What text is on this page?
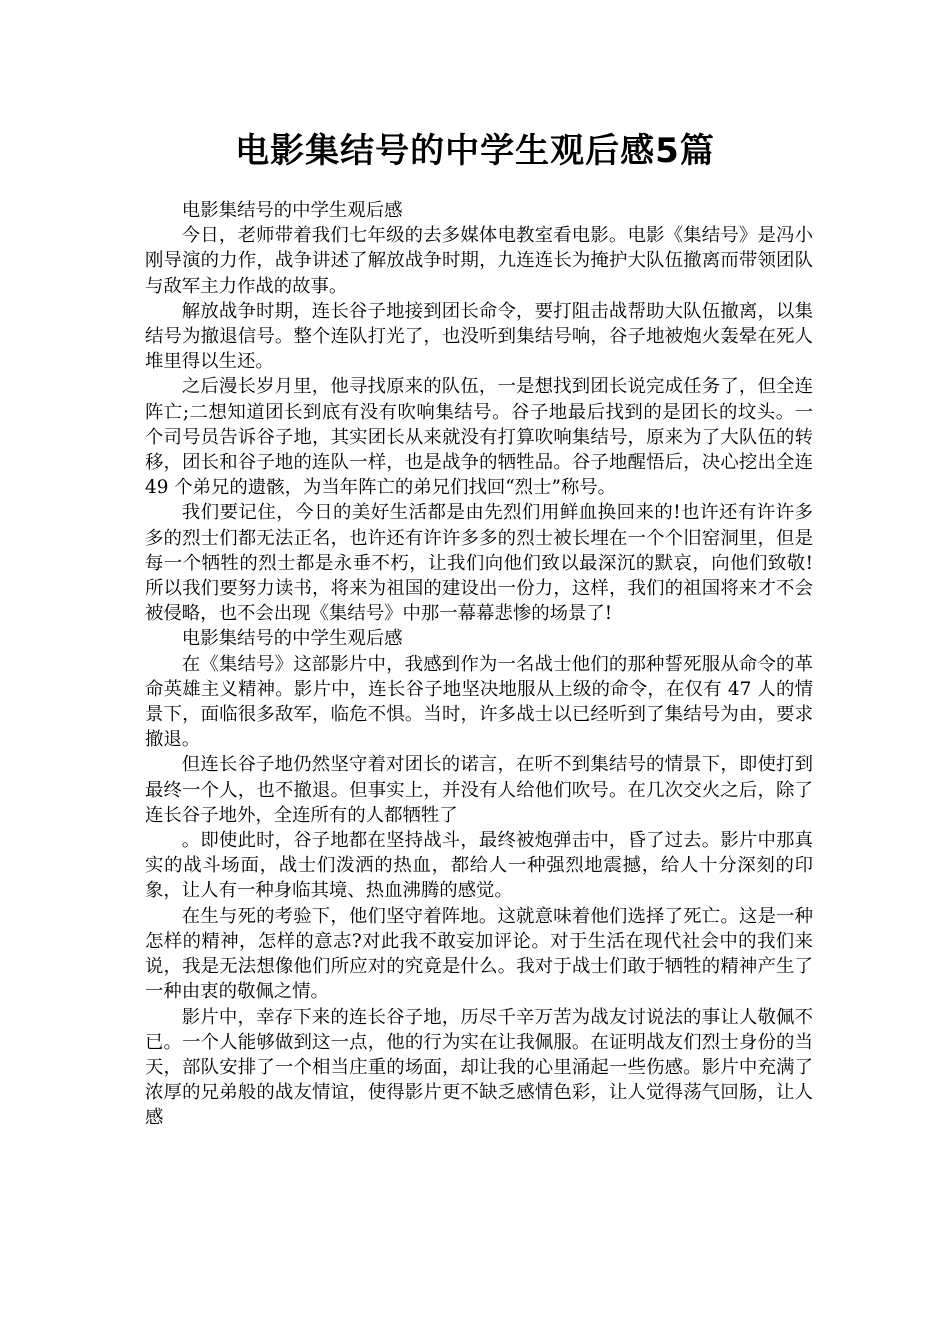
电影集结号的中学生观后感5篇

电影集结号的中学生观后感

今日，老师带着我们七年级的去多媒体电教室看电影。电影《集结号》是冯小刚导演的力作，战争讲述了解放战争时期，九连连长为掩护大队伍撤离而带领团队与敌军主力作战的故事。

解放战争时期，连长谷子地接到团长命令，要打阻击战帮助大队伍撤离，以集结号为撤退信号。整个连队打光了，也没听到集结号响，谷子地被炮火轰晕在死人堆里得以生还。

之后漫长岁月里，他寻找原来的队伍，一是想找到团长说完成任务了，但全连阵亡;二想知道团长到底有没有吹响集结号。谷子地最后找到的是团长的坟头。一个司号员告诉谷子地，其实团长从来就没有打算吹响集结号，原来为了大队伍的转移，团长和谷子地的连队一样，也是战争的牺牲品。谷子地醒悟后，决心挖出全连 49 个弟兄的遗骸，为当年阵亡的弟兄们找回“烈士”称号。

我们要记住，今日的美好生活都是由先烈们用鲜血换回来的!也许还有许许多多的烈士们都无法正名，也许还有许许多多的烈士被长埋在一个个旧窑洞里，但是每一个牺牲的烈士都是永垂不朽，让我们向他们致以最深沉的默哀，向他们致敬!所以我们要努力读书，将来为祖国的建设出一份力，这样，我们的祖国将来才不会被侵略，也不会出现《集结号》中那一幕幕悲惨的场景了!

电影集结号的中学生观后感

在《集结号》这部影片中，我感到作为一名战士他们的那种誓死服从命令的革命英雄主义精神。影片中，连长谷子地坚决地服从上级的命令，在仅有 47 人的情景下，面临很多敌军，临危不惧。当时，许多战士以已经听到了集结号为由，要求撤退。

但连长谷子地仍然坚守着对团长的诺言，在听不到集结号的情景下，即使打到最终一个人，也不撤退。但事实上，并没有人给他们吹号。在几次交火之后，除了连长谷子地外，全连所有的人都牺牲了

。即使此时，谷子地都在坚持战斗，最终被炮弹击中，昏了过去。影片中那真实的战斗场面，战士们泼洒的热血，都给人一种强烈地震撼，给人十分深刻的印象，让人有一种身临其境、热血沸腾的感觉。

在生与死的考验下，他们坚守着阵地。这就意味着他们选择了死亡。这是一种怎样的精神，怎样的意志?对此我不敢妄加评论。对于生活在现代社会中的我们来说，我是无法想像他们所应对的究竟是什么。我对于战士们敢于牺牲的精神产生了一种由衷的敬佩之情。

影片中，幸存下来的连长谷子地，历尽千辛万苦为战友讨说法的事让人敬佩不已。一个人能够做到这一点，他的行为实在让我佩服。在证明战友们烈士身份的当天，部队安排了一个相当庄重的场面，却让我的心里涌起一些伤感。影片中充满了浓厚的兄弟般的战友情谊，使得影片更不缺乏感情色彩，让人觉得荡气回肠，让人感
